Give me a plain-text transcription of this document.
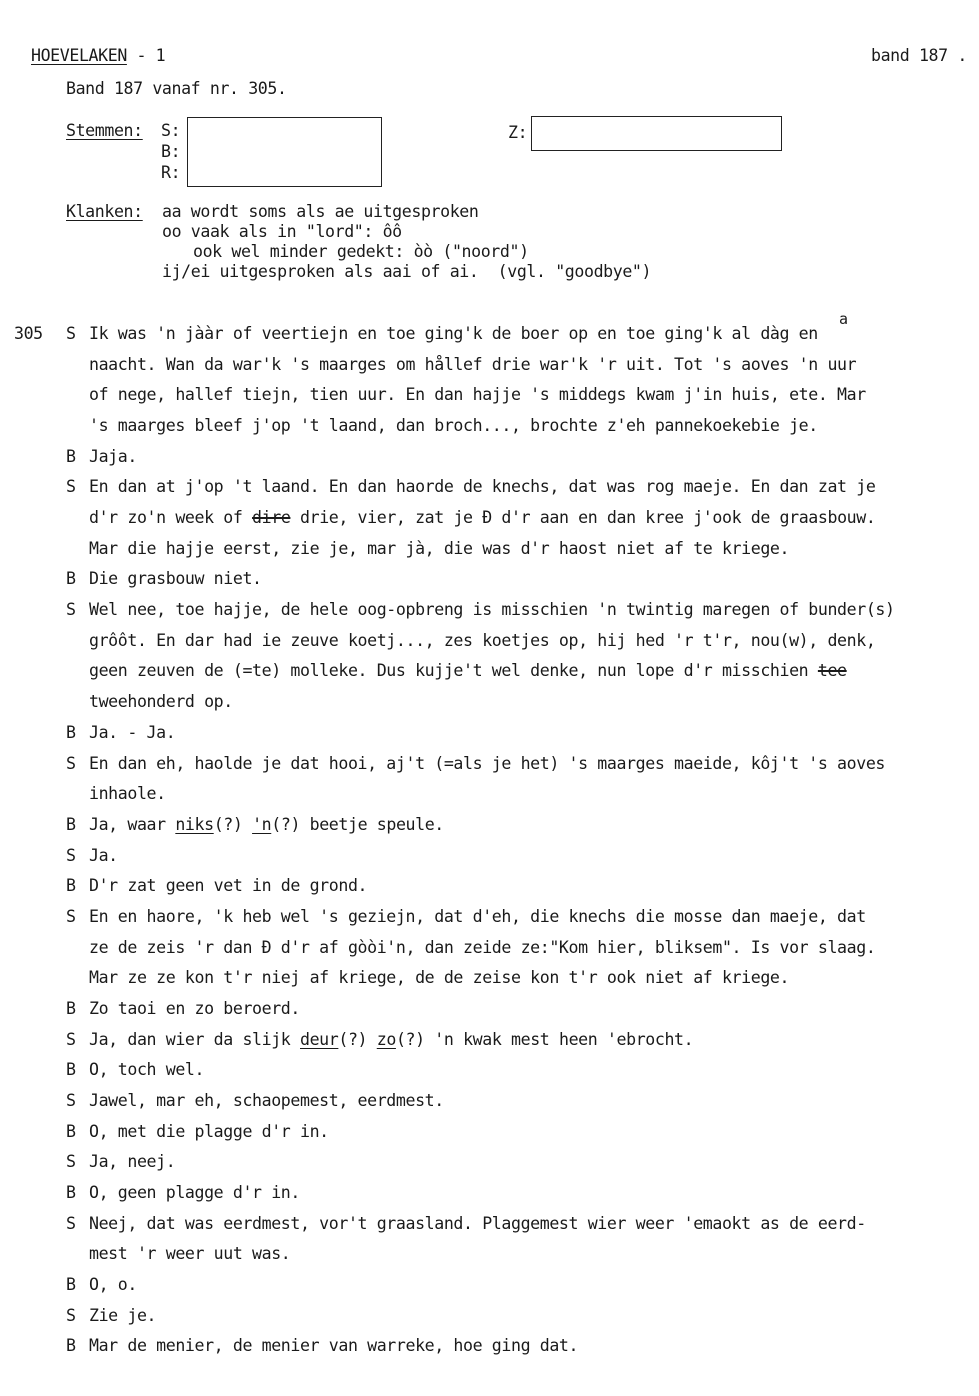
HOEVELAKEN - 1	band 187 .
Band 187 vanaf nr. 305.
Stemmen: S:
B:
R:
Z:
Klanken: aa wordt soms als ae uitgesproken
oo vaak als in "lord": ôô
ook wel minder gedekt: òò ("noord")
ij/ei uitgesproken als aai of ai.  (vgl. "goodbye")
305
a
S Ik was 'n jààr of veertiejn en toe ging'k de boer op en toe ging'k al dàg en
naacht. Wan da war'k 's maarges om hållef drie war'k 'r uit. Tot 's aoves 'n uur
of nege, hallef tiejn, tien uur. En dan hajje 's middegs kwam j'in huis, ete. Mar
's maarges bleef j'op 't laand, dan broch..., brochte z'eh pannekoekebie je.
B Jaja.
S En dan at j'op 't laand. En dan haorde de knechs, dat was rog maeje. En dan zat je
d'r zo'n week of dire drie, vier, zat je Ð d'r aan en dan kree j'ook de graasbouw.
Mar die hajje eerst, zie je, mar jà, die was d'r haost niet af te kriege.
B Die grasbouw niet.
S Wel nee, toe hajje, de hele oog-opbreng is misschien 'n twintig maregen of bunder(s)
grôôt. En dar had ie zeuve koetj..., zes koetjes op, hij hed 'r t'r, nou(w), denk,
geen zeuven de (=te) molleke. Dus kujje't wel denke, nun lope d'r misschien tee
tweehonderd op.
B Ja. - Ja.
S En dan eh, haolde je dat hooi, aj't (=als je het) 's maarges maeide, kôj't 's aoves
inhaole.
B Ja, waar niks(?) 'n(?) beetje speule.
S Ja.
B D'r zat geen vet in de grond.
S En en haore, 'k heb wel 's geziejn, dat d'eh, die knechs die mosse dan maeje, dat
ze de zeis 'r dan Ð d'r af gòòi'n, dan zeide ze:"Kom hier, bliksem". Is vor slaag.
Mar ze ze kon t'r niej af kriege, de de zeise kon t'r ook niet af kriege.
B Zo taoi en zo beroerd.
S Ja, dan wier da slijk deur(?) zo(?) 'n kwak mest heen 'ebrocht.
B O, toch wel.
S Jawel, mar eh, schaopemest, eerdmest.
B O, met die plagge d'r in.
S Ja, neej.
B O, geen plagge d'r in.
S Neej, dat was eerdmest, vor't graasland. Plaggemest wier weer 'emaokt as de eerd-
mest 'r weer uut was.
B O, o.
S Zie je.
B Mar de menier, de menier van warreke, hoe ging dat.
